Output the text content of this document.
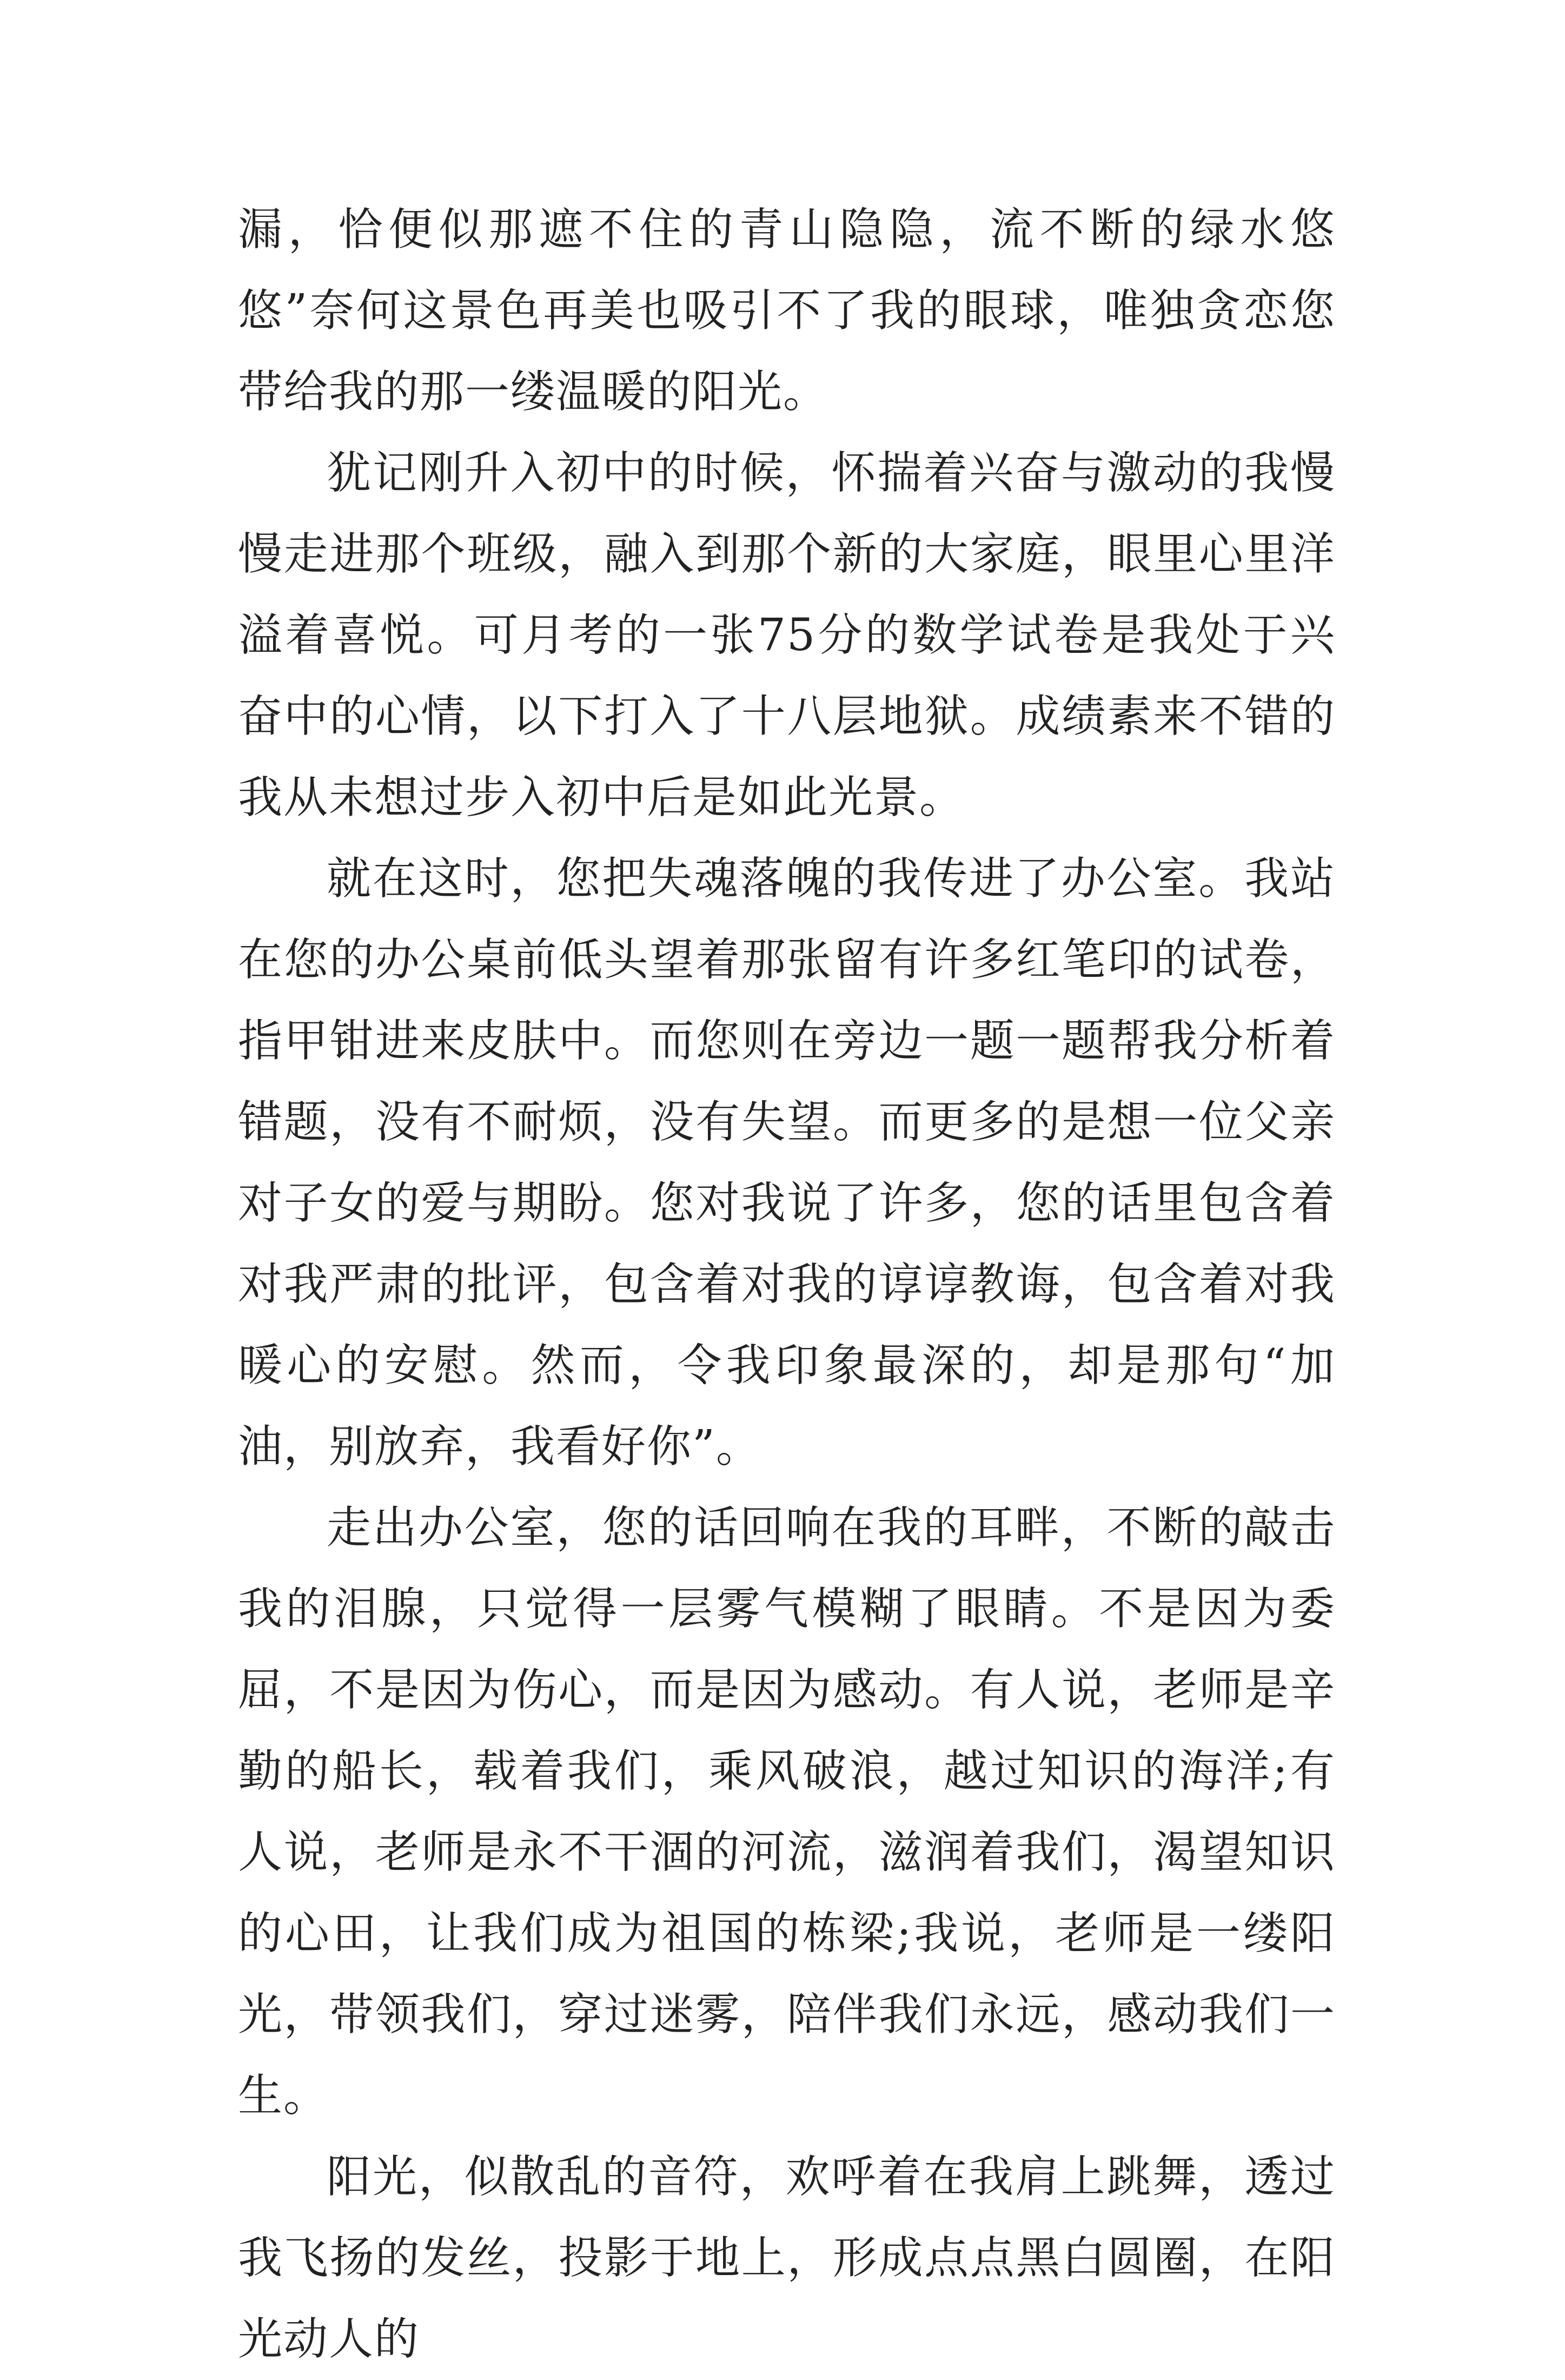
漏，恰便似那遮不住的青山隐隐，流不断的绿水悠悠”奈何这景色再美也吸引不了我的眼球，唯独贪恋您带给我的那一缕温暖的阳光。

犹记刚升入初中的时候，怀揣着兴奋与激动的我慢慢走进那个班级，融入到那个新的大家庭，眼里心里洋溢着喜悦。可月考的一张75分的数学试卷是我处于兴奋中的心情，以下打入了十八层地狱。成绩素来不错的我从未想过步入初中后是如此光景。

就在这时，您把失魂落魄的我传进了办公室。我站在您的办公桌前低头望着那张留有许多红笔印的试卷，指甲钳进来皮肤中。而您则在旁边一题一题帮我分析着错题，没有不耐烦，没有失望。而更多的是想一位父亲对子女的爱与期盼。您对我说了许多，您的话里包含着对我严肃的批评，包含着对我的谆谆教诲，包含着对我暖心的安慰。然而，令我印象最深的，却是那句“加油，别放弃，我看好你”。

走出办公室，您的话回响在我的耳畔，不断的敲击我的泪腺，只觉得一层雾气模糊了眼睛。不是因为委屈，不是因为伤心，而是因为感动。有人说，老师是辛勤的船长，载着我们，乘风破浪，越过知识的海洋;有人说，老师是永不干涸的河流，滋润着我们，渴望知识的心田，让我们成为祖国的栋梁;我说，老师是一缕阳光，带领我们，穿过迷雾，陪伴我们永远，感动我们一生。

阳光，似散乱的音符，欢呼着在我肩上跳舞，透过我飞扬的发丝，投影于地上，形成点点黑白圆圈，在阳光动人的
